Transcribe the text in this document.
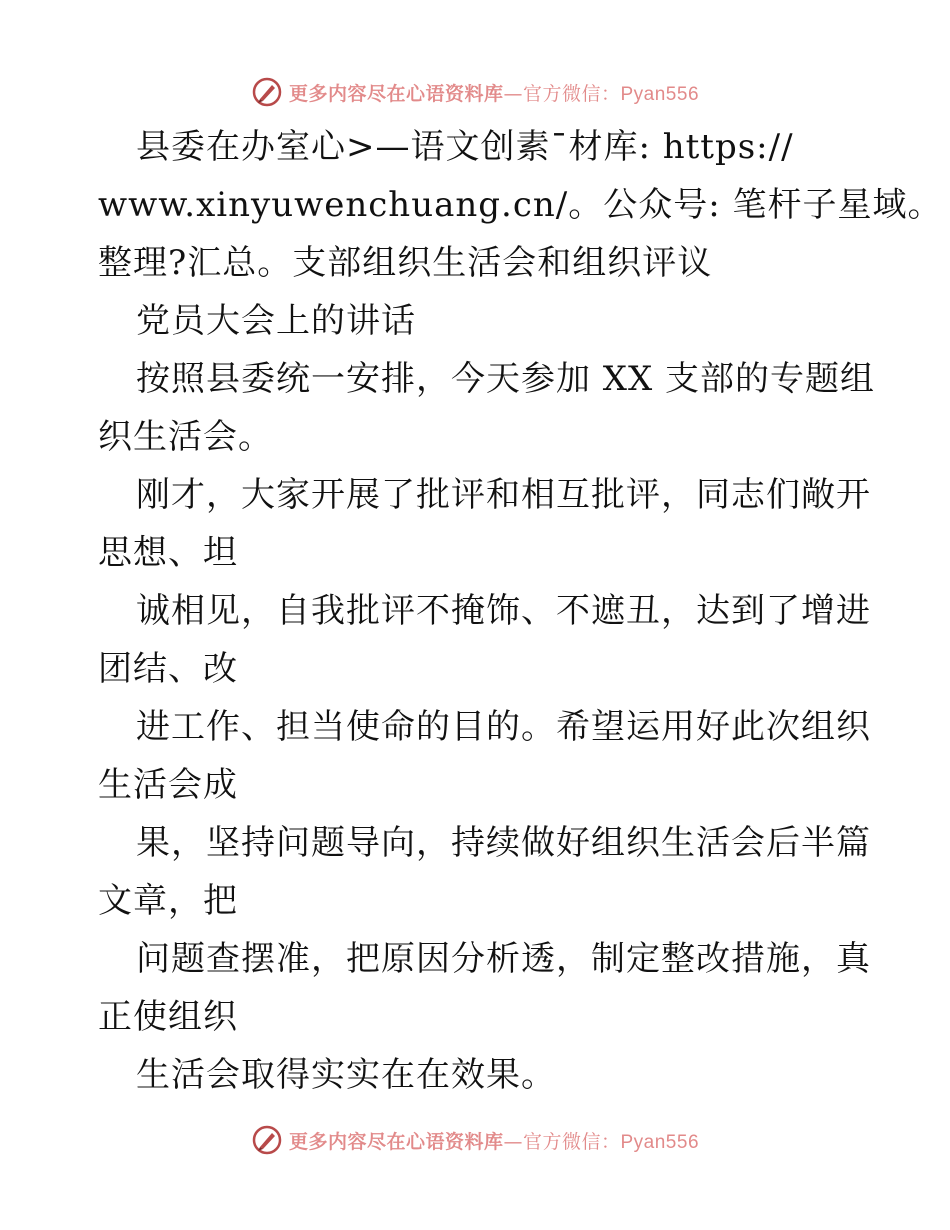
更多内容尽在心语资料库—官方微信：Pyan556
县委在办室心>—语文创素¯材库: https://
www.xinyuwenchuang.cn/。公众号: 笔杆子星域。
整理?汇总。支部组织生活会和组织评议
党员大会上的讲话
按照县委统一安排，今天参加 XX 支部的专题组
织生活会。
刚才，大家开展了批评和相互批评，同志们敞开
思想、坦
诚相见，自我批评不掩饰、不遮丑，达到了增进
团结、改
进工作、担当使命的目的。希望运用好此次组织
生活会成
果，坚持问题导向，持续做好组织生活会后半篇
文章，把
问题查摆准，把原因分析透，制定整改措施，真
正使组织
生活会取得实实在在效果。
更多内容尽在心语资料库—官方微信：Pyan556
